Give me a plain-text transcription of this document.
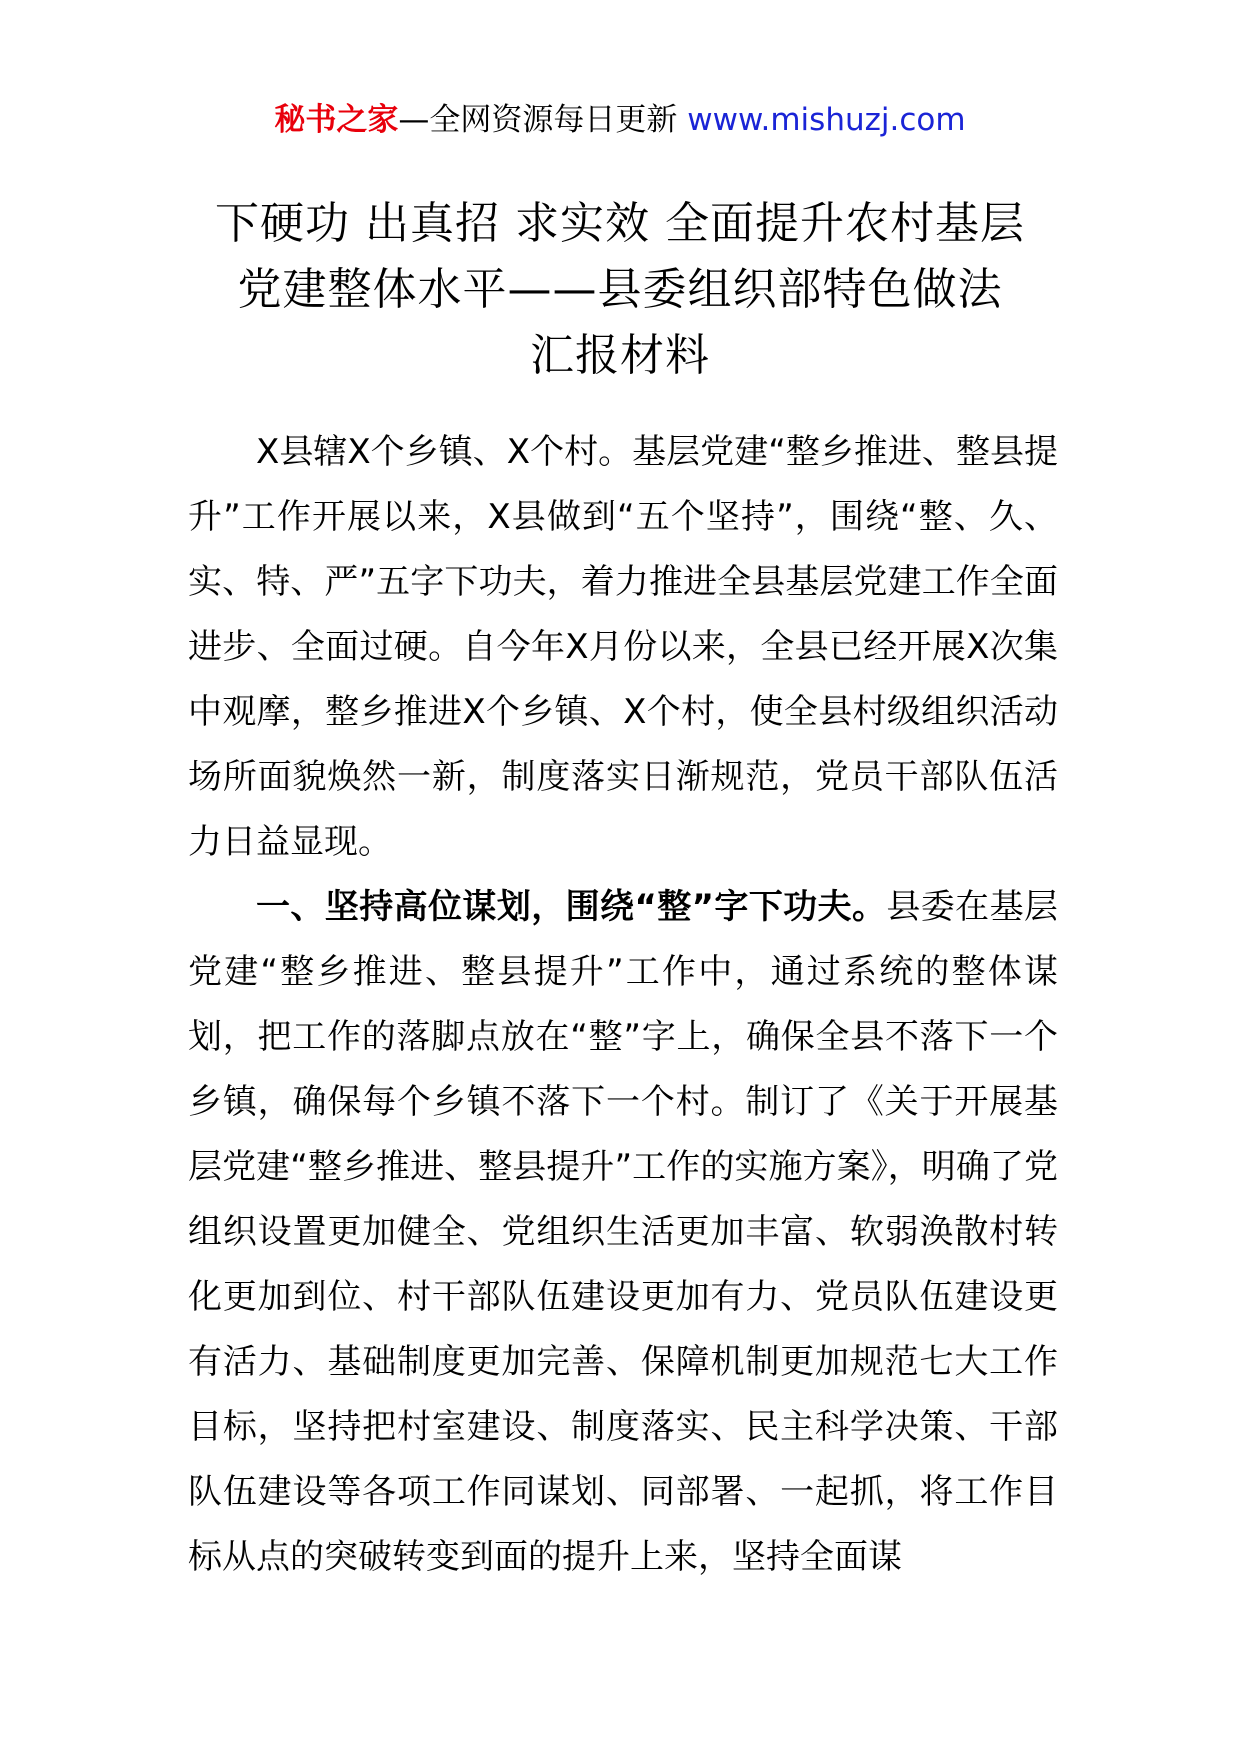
秘书之家—全网资源每日更新 www.mishuzj.com
下硬功 出真招 求实效 全面提升农村基层
党建整体水平——县委组织部特色做法
汇报材料

X县辖X个乡镇、X个村。基层党建“整乡推进、整县提升”工作开展以来，X县做到“五个坚持”，围绕“整、久、实、特、严”五字下功夫，着力推进全县基层党建工作全面进步、全面过硬。自今年X月份以来，全县已经开展X次集中观摩，整乡推进X个乡镇、X个村，使全县村级组织活动场所面貌焕然一新，制度落实日渐规范，党员干部队伍活力日益显现。

一、坚持高位谋划，围绕“整”字下功夫。县委在基层党建“整乡推进、整县提升”工作中，通过系统的整体谋划，把工作的落脚点放在“整”字上，确保全县不落下一个乡镇，确保每个乡镇不落下一个村。制订了《关于开展基层党建“整乡推进、整县提升”工作的实施方案》，明确了党组织设置更加健全、党组织生活更加丰富、软弱涣散村转化更加到位、村干部队伍建设更加有力、党员队伍建设更有活力、基础制度更加完善、保障机制更加规范七大工作目标，坚持把村室建设、制度落实、民主科学决策、干部队伍建设等各项工作同谋划、同部署、一起抓，将工作目标从点的突破转变到面的提升上来，坚持全面谋
